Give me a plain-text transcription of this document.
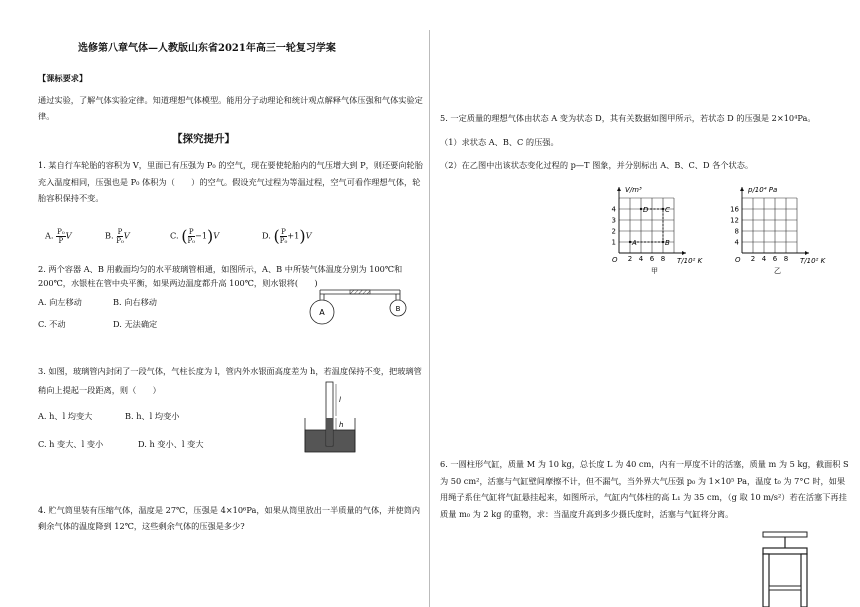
选修第八章气体—人教版山东省2021年高三一轮复习学案
【课标要求】
通过实验，了解气体实验定律。知道理想气体模型。能用分子动理论和统计观点解释气体压强和气体实验定律。
【探究提升】
1. 某自行车轮胎的容积为 V，里面已有压强为 P₀ 的空气，现在要使轮胎内的气压增大到 P，则还要向轮胎充入温度相同，压强也是 P₀ 体积为（　　）的空气。假设充气过程为等温过程，空气可看作理想气体，轮胎容积保持不变。
A. $\frac{\text{P₀}}{P}$ V	B. $\frac{P}{\text{P₀}}$ V	C. ( $\frac{P}{\text{P₀}} -1)V$	D. ( $\frac{P}{\text{P₀}} +1)V$
2. 两个容器 A、B 用截面均匀的水平玻璃管相通，如图所示，A、B 中所装气体温度分别为 100℃和 200℃，水银柱在管中央平衡，如果两边温度都升高 100℃，则水银将(　　)
A. 向左移动	B. 向右移动
C. 不动	D. 无法确定
A	B
3. 如图，玻璃管内封闭了一段气体，气柱长度为 l，管内外水银面高度差为 h，若温度保持不变，把玻璃管稍向上提起一段距离，则（　　）
A. h、l 均变大	B. h、l 均变小
C. h 变大、l 变小	D. h 变小、l 变大
l
h
4. 贮气筒里装有压缩气体，温度是 27℃，压强是 4×10⁶Pa，如果从筒里放出一半质量的气体，并使筒内剩余气体的温度降到 12℃，这些剩余气体的压强是多少?
5. 一定质量的理想气体由状态 A 变为状态 D，其有关数据如图甲所示，若状态 D 的压强是 2×10⁴Pa。
（1）求状态 A、B、C 的压强。
（2）在乙图中出该状态变化过程的 p—T 图象，并分别标出 A、B、C、D 各个状态。
V/m³
T/10² K
O
甲
2 4 6 8
1
2
3
4
A	B
C
D
p/10⁴ Pa
T/10² K
O
乙
2 4 6 8
4
8
12
16
6. 一圆柱形气缸，质量 M 为 10 kg，总长度 L 为 40 cm，内有一厚度不计的活塞，质量 m 为 5 kg，截面积 S 为 50 cm²，活塞与气缸壁间摩擦不计，但不漏气，当外界大气压强 p₀ 为 1×10⁵ Pa，温度 t₀ 为 7°C 时，如果用绳子系住气缸将气缸悬挂起来，如图所示，气缸内气体柱的高 L₁ 为 35 cm，（g 取 10 m/s²）若在活塞下再挂质量 m₀ 为 2 kg 的重物，求：当温度升高到多少摄氏度时，活塞与气缸将分离。
